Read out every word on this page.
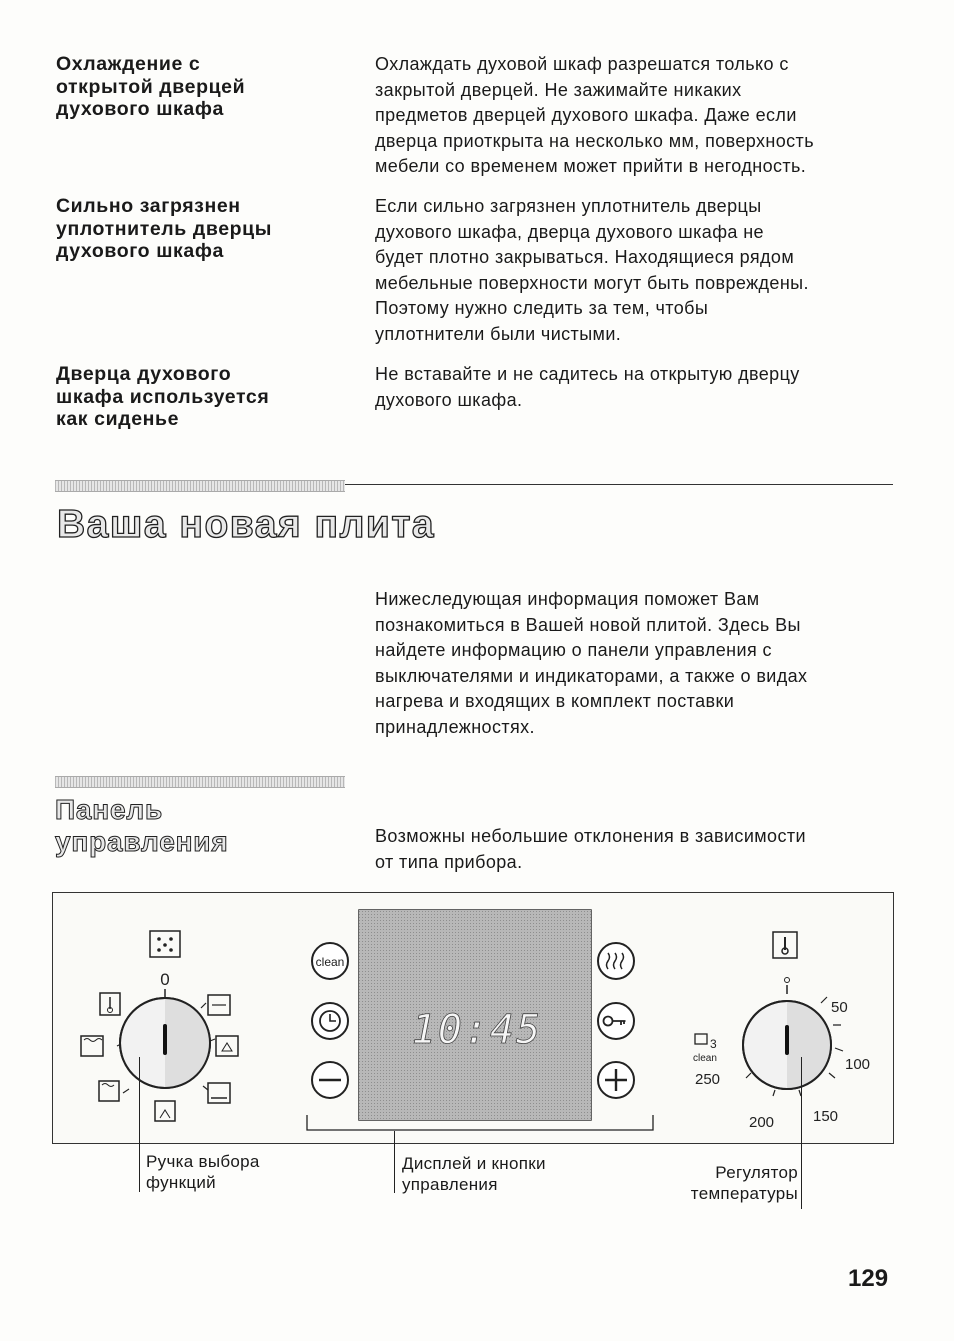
Охлаждение с
открытой дверцей
духового шкафа
Охлаждать духовой шкаф разрешатся только с
закрытой дверцей. Не зажимайте никаких
предметов дверцей духового шкафа. Даже если
дверца приоткрыта на несколько мм, поверхность
мебели со временем может прийти в негодность.
Сильно загрязнен
уплотнитель дверцы
духового шкафа
Если сильно загрязнен уплотнитель дверцы
духового шкафа, дверца духового шкафа не
будет плотно закрываться. Находящиеся рядом
мебельные поверхности могут быть повреждены.
Поэтому нужно следить за тем, чтобы
уплотнители были чистыми.
Дверца духового
шкафа используется
как сиденье
Не вставайте и не садитесь на открытую дверцу
духового шкафа.
Ваша новая плита
Нижеследующая информация поможет Вам
познакомиться в Вашей новой плитой. Здесь Вы
найдете информацию о панели управления с
выключателями и индикаторами, а также о видах
нагрева и входящих в комплект поставки
принадлежностях.
Панель
управления	Возможны небольшие отклонения в зависимости
от типа прибора.
0
clean
10:45	50
100
150
200
250
3
clean
Ручка выбора
функций
Дисплей и кнопки
управления
Регулятор
температуры
129
